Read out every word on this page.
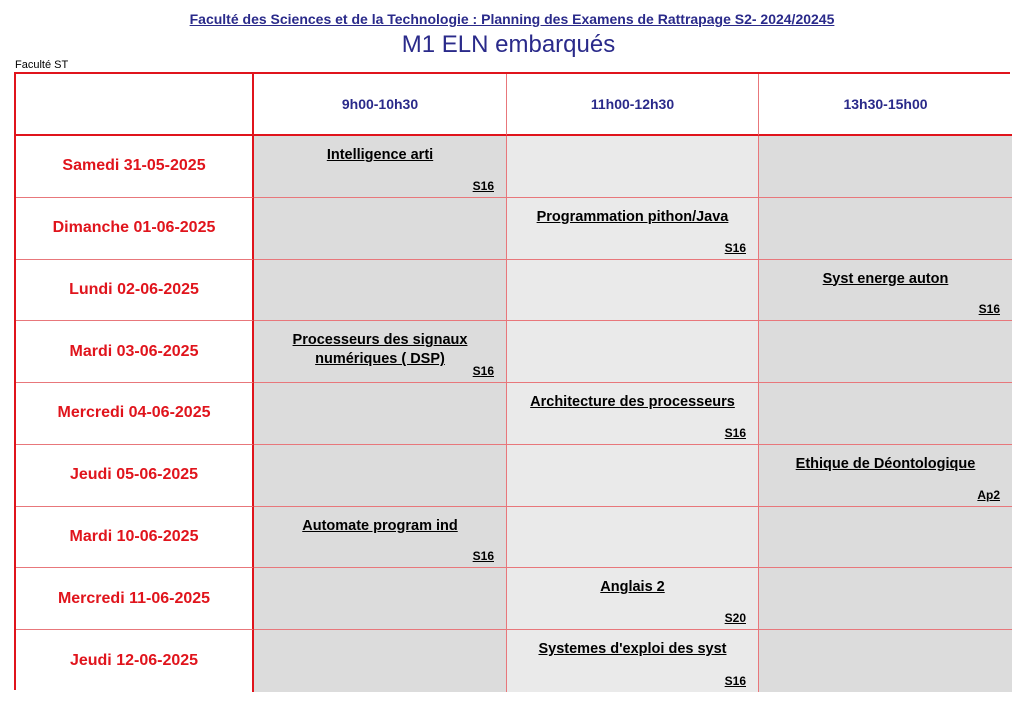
Faculté des Sciences et de la Technologie : Planning des Examens de Rattrapage S2- 2024/20245
M1 ELN embarqués
Faculté ST
9h00-10h30	11h00-12h30	13h30-15h00
Samedi 31-05-2025
Intelligence arti
S16
Dimanche 01-06-2025
Programmation pithon/Java
S16
Lundi 02-06-2025
Syst energe auton
S16
Mardi 03-06-2025
Processeurs des signaux numériques ( DSP)
S16
Mercredi 04-06-2025
Architecture des processeurs
S16
Jeudi 05-06-2025
Ethique de Déontologique
Ap2
Mardi 10-06-2025
Automate program ind
S16
Mercredi 11-06-2025
Anglais 2
S20
Jeudi 12-06-2025
Systemes d'exploi des syst
S16
